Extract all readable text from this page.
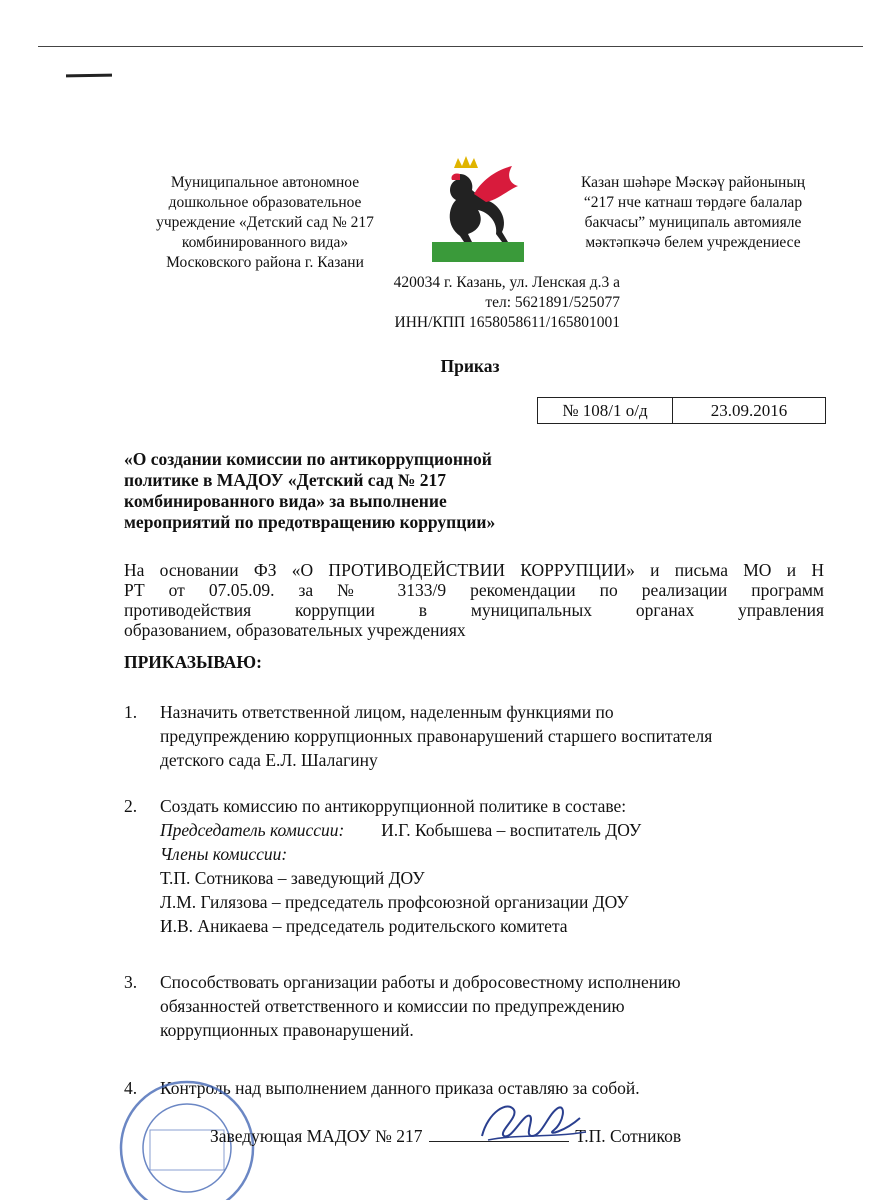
Муниципальное автономное
дошкольное образовательное
учреждение «Детский сад № 217
комбинированного вида»
Московского района г. Казани
Казан шәһәре Мәскәү районының
“217 нче катнаш төрдәге балалар
бакчасы” муниципаль автомияле
мәктәпкәчә белем учреждениесе
420034 г. Казань, ул. Ленская д.3 а
тел: 5621891/525077
ИНН/КПП 1658058611/165801001
Приказ
№ 108/1 о/д	23.09.2016
«О создании комиссии по антикоррупционной
политике в МАДОУ «Детский сад № 217
комбинированного вида» за выполнение
мероприятий по предотвращению коррупции»
На основании ФЗ «О ПРОТИВОДЕЙСТВИИ КОРРУПЦИИ» и письма МО и Н
РТ от 07.05.09. за № 3133/9 рекомендации по реализации программ
противодействия коррупции в муниципальных органах управления
образованием, образовательных учреждениях
ПРИКАЗЫВАЮ:
1. Назначить ответственной лицом, наделенным функциями по
предупреждению коррупционных правонарушений старшего воспитателя
детского сада Е.Л. Шалагину
2. Создать комиссию по антикоррупционной политике в составе:
Председатель комиссии: И.Г. Кобышева – воспитатель ДОУ
Члены комиссии:
Т.П. Сотникова – заведующий ДОУ
Л.М. Гилязова – председатель профсоюзной организации ДОУ
И.В. Аникаева – председатель родительского комитета
3. Способствовать организации работы и добросовестному исполнению
обязанностей ответственного и комиссии по предупреждению
коррупционных правонарушений.
4. Контроль над выполнением данного приказа оставляю за собой.
Заведующая МАДОУ № 217	Т.П. Сотников
